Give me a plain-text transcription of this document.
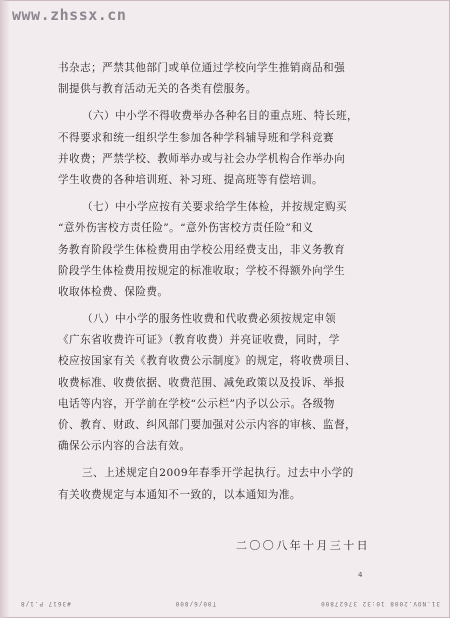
www.zhssx.cn
书杂志；严禁其他部门或单位通过学校向学生推销商品和强
制提供与教育活动无关的各类有偿服务。
（六）中小学不得收费举办各种名目的重点班、特长班，
不得要求和统一组织学生参加各种学科辅导班和学科竞赛
并收费；严禁学校、教师举办或与社会办学机构合作举办向
学生收费的各种培训班、补习班、提高班等有偿培训。
（七）中小学应按有关要求给学生体检，并按规定购买
“意外伤害校方责任险”。“意外伤害校方责任险”和义
务教育阶段学生体检费用由学校公用经费支出，非义务教育
阶段学生体检费用按规定的标准收取；学校不得额外向学生
收取体检费、保险费。
（八）中小学的服务性收费和代收费必须按规定申领
《广东省收费许可证》（教育收费）并亮证收费，同时，学
校应按国家有关《教育收费公示制度》的规定，将收费项目、
收费标准、收费依据、收费范围、减免政策以及投诉、举报
电话等内容，开学前在学校“公示栏”内予以公示。各级物
价、教育、财政、纠风部门要加强对公示内容的审核、监督，
确保公示内容的合法有效。
三、上述规定自2009年春季开学起执行。过去中小学的
有关收费规定与本通知不一致的，以本通知为准。
二〇〇八年十月三十日
4
31.NOV.2008 10:32 37627800
T00/6/800
#3617 P.1/8
